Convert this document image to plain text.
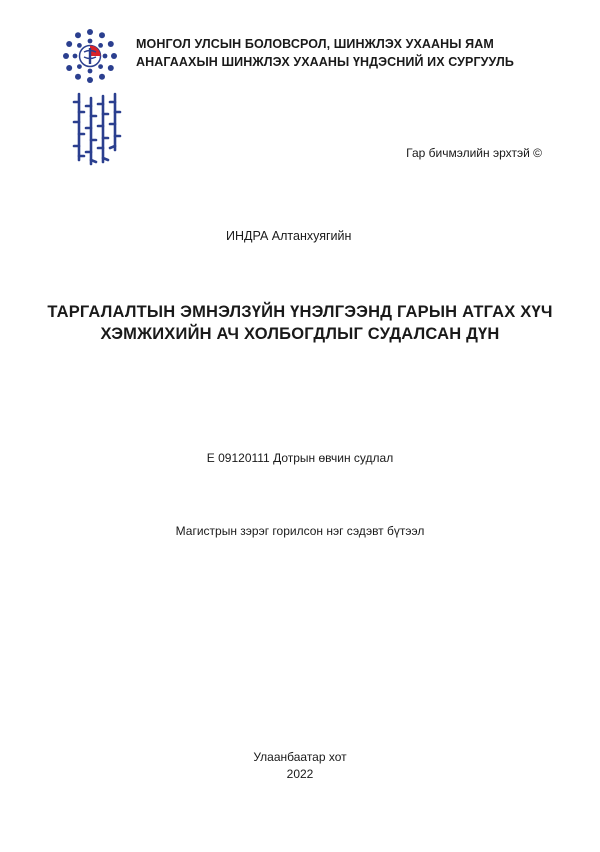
МОНГОЛ УЛСЫН БОЛОВСРОЛ, ШИНЖЛЭХ УХААНЫ ЯАМ
АНАГААХЫН ШИНЖЛЭХ УХААНЫ ҮНДЭСНИЙ ИХ СУРГУУЛЬ
Гар бичмэлийн эрхтэй ©
ИНДРА Алтанхуягийн
ТАРГАЛАЛТЫН ЭМНЭЛЗҮЙН ҮНЭЛГЭЭНД ГАРЫН АТГАХ ХҮЧ
ХЭМЖИХИЙН АЧ ХОЛБОГДЛЫГ СУДАЛСАН ДҮН
Е 09120111 Дотрын өвчин судлал
Магистрын зэрэг горилсон нэг сэдэвт бүтээл
Улаанбаатар хот
2022
